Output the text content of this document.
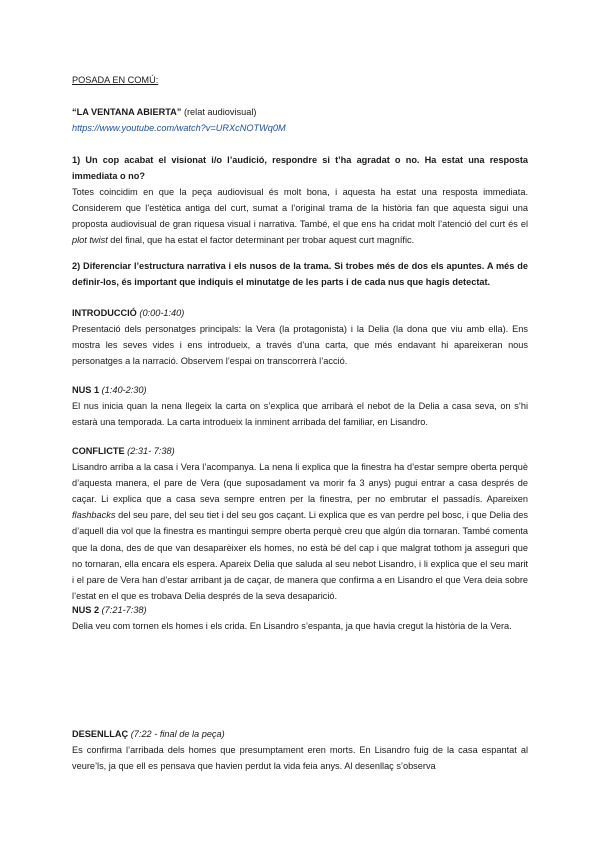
POSADA EN COMÚ:

“LA VENTANA ABIERTA” (relat audiovisual)

https://www.youtube.com/watch?v=URXcNOTWq0M

1) Un cop acabat el visionat i/o l’audició, respondre si t’ha agradat o no. Ha estat una resposta immediata o no?

Totes coincidim en que la peça audiovisual és molt bona, i aquesta ha estat una resposta immediata. Considerem que l’estètica antiga del curt, sumat a l’original trama de la història fan que aquesta sigui una proposta audiovisual de gran riquesa visual i narrativa. També, el que ens ha cridat molt l’atenció del curt és el plot twist del final, que ha estat el factor determinant per trobar aquest curt magnífic.

2) Diferenciar l’estructura narrativa i els nusos de la trama. Si trobes més de dos els apuntes. A més de definir-los, és important que indiquis el minutatge de les parts i de cada nus que hagis detectat.

INTRODUCCIÓ (0:00-1:40)

Presentació dels personatges principals: la Vera (la protagonista) i la Delia (la dona que viu amb ella). Ens mostra les seves vides i ens introdueix, a través d’una carta, que més endavant hi apareixeran nous personatges a la narració. Observem l’espai on transcorrerà l’acció.

NUS 1 (1:40-2:30)

El nus inicia quan la nena llegeix la carta on s’explica que arribarà el nebot de la Delia a casa seva, on s’hi estarà una temporada. La carta introdueix la inminent arribada del familiar, en Lisandro.

CONFLICTE (2:31- 7:38)

Lisandro arriba a la casa i Vera l’acompanya. La nena li explica que la finestra ha d’estar sempre oberta perquè d’aquesta manera, el pare de Vera (que suposadament va morir fa 3 anys) pugui entrar a casa després de caçar. Li explica que a casa seva sempre entren per la finestra, per no embrutar el passadís. Apareixen flashbacks del seu pare, del seu tiet i del seu gos caçant. Li explica que es van perdre pel bosc, i que Delia des d’aquell dia vol que la finestra es mantingui sempre oberta perquè creu que algún dia tornaran. També comenta que la dona, des de que van desaparèixer els homes, no està bé del cap i que malgrat tothom ja asseguri que no tornaran, ella encara els espera. Apareix Delia que saluda al seu nebot Lisandro, i li explica que el seu marit i el pare de Vera han d’estar arribant ja de caçar, de manera que confirma a en Lisandro el que Vera deia sobre l’estat en el que es trobava Delia després de la seva desaparició.

NUS 2 (7:21-7:38)

Delia veu com tornen els homes i els crida. En Lisandro s’espanta, ja que havia cregut la història de la Vera.

DESENLLAÇ (7:22 - final de la peça)

Es confirma l’arribada dels homes que presumptament eren morts. En Lisandro fuig de la casa espantat al veure’ls, ja que ell es pensava que havien perdut la vida feia anys. Al desenllaç s’observa
